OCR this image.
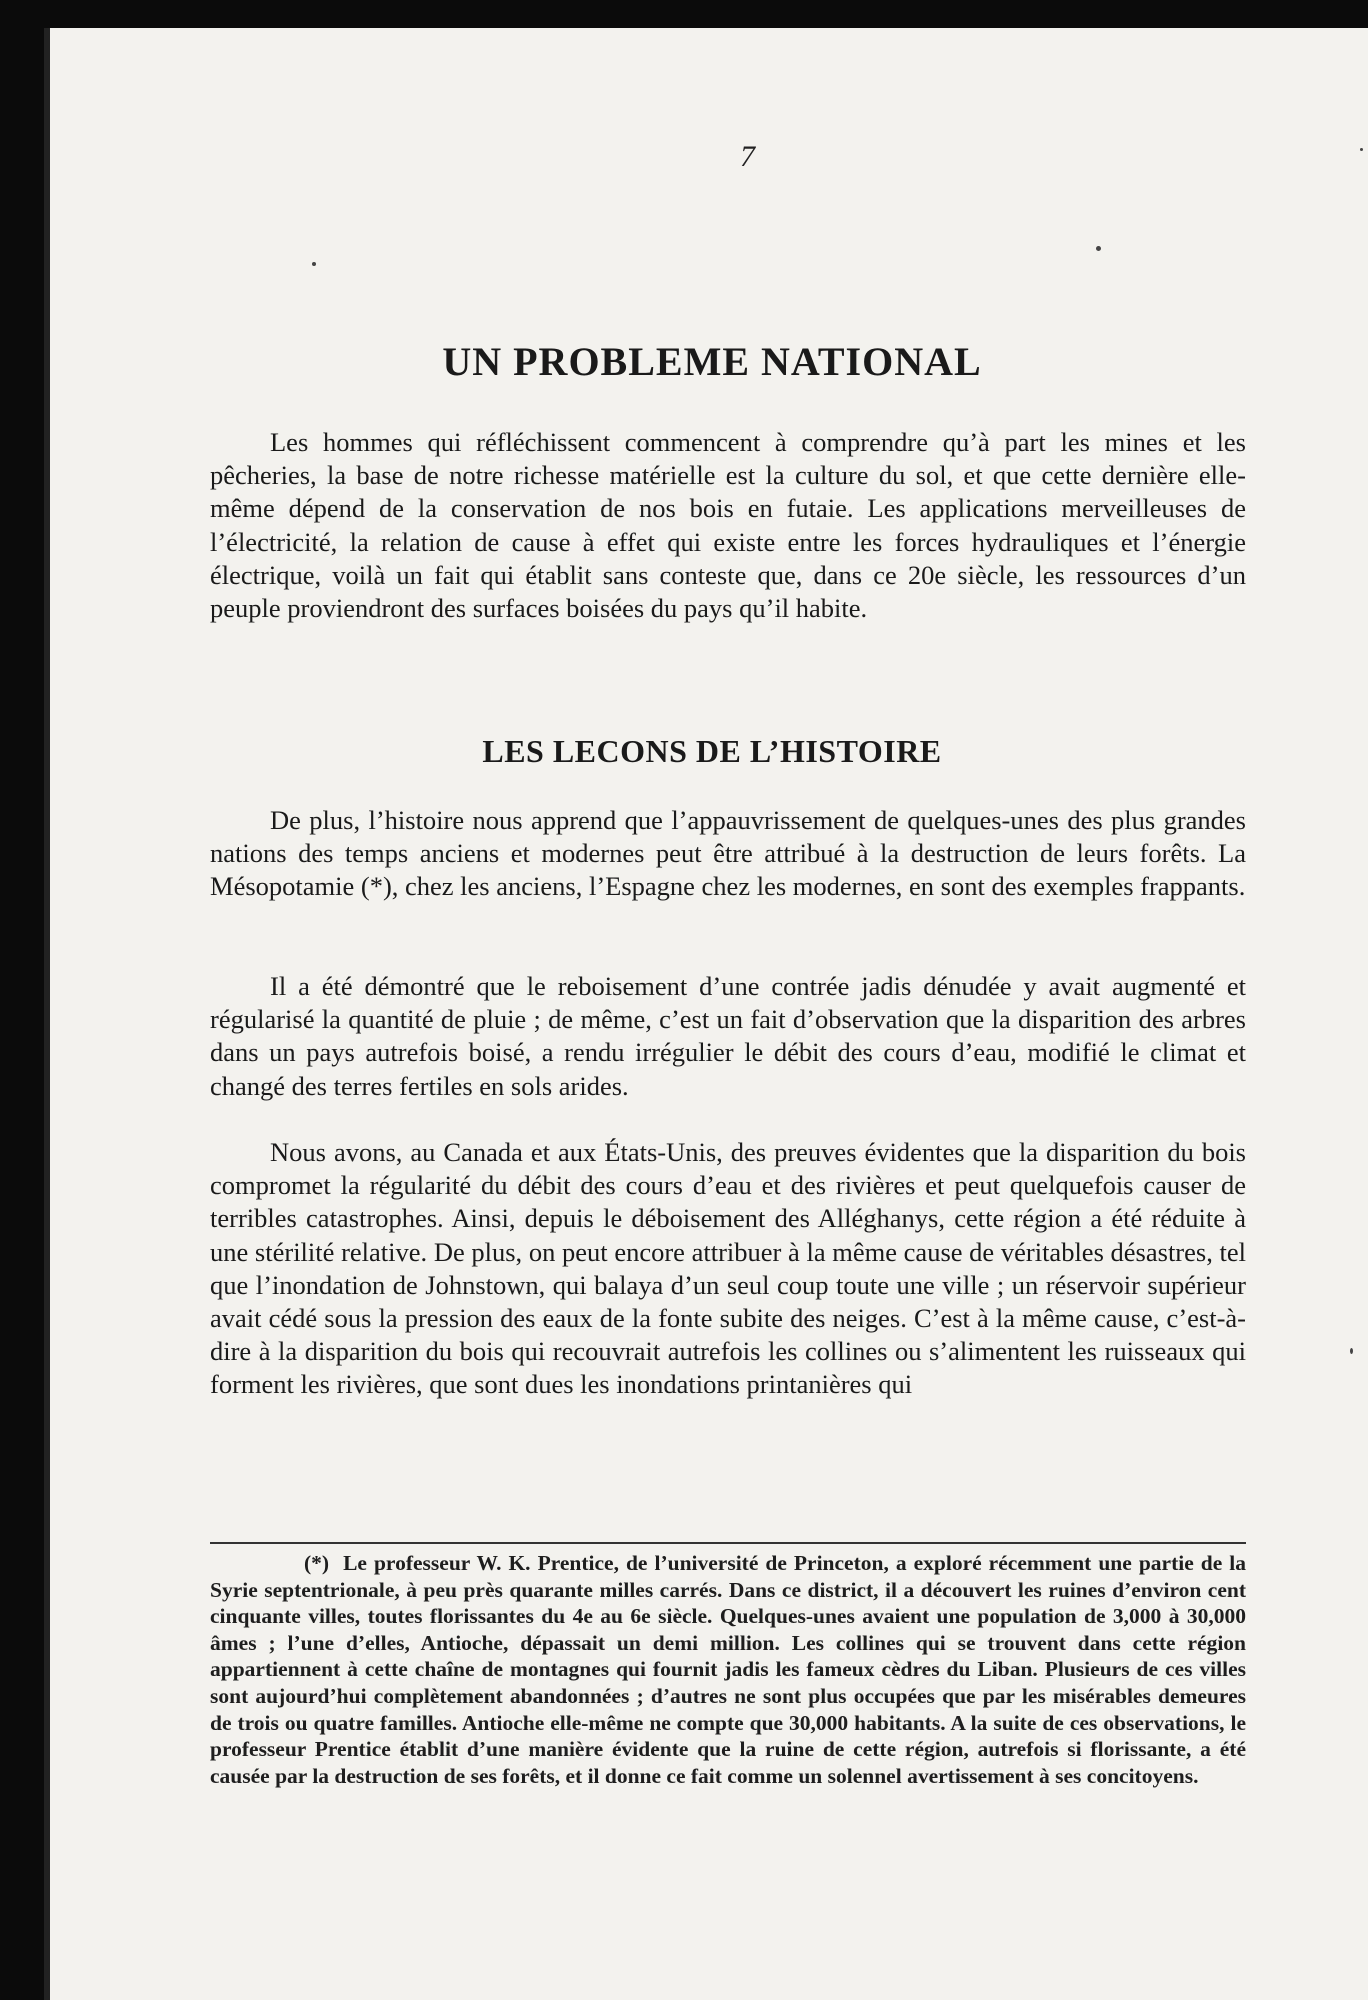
7
UN PROBLEME NATIONAL

Les hommes qui réfléchissent commencent à comprendre qu’à part les mines et les pêcheries, la base de notre richesse matérielle est la culture du sol, et que cette dernière elle-même dépend de la conservation de nos bois en futaie. Les applications merveilleuses de l’électricité, la relation de cause à effet qui existe entre les forces hydrauliques et l’énergie électrique, voilà un fait qui établit sans conteste que, dans ce 20e siècle, les ressources d’un peuple proviendront des surfaces boisées du pays qu’il habite.

LES LECONS DE L’HISTOIRE

De plus, l’histoire nous apprend que l’appauvrissement de quelques-unes des plus grandes nations des temps anciens et modernes peut être attribué à la destruction de leurs forêts. La Mésopotamie (*), chez les anciens, l’Espagne chez les modernes, en sont des exemples frappants.

Il a été démontré que le reboisement d’une contrée jadis dénudée y avait augmenté et régularisé la quantité de pluie ; de même, c’est un fait d’observation que la disparition des arbres dans un pays autrefois boisé, a rendu irrégulier le débit des cours d’eau, modifié le climat et changé des terres fertiles en sols arides.

Nous avons, au Canada et aux États-Unis, des preuves évidentes que la disparition du bois compromet la régularité du débit des cours d’eau et des rivières et peut quelquefois causer de terribles catastrophes. Ainsi, depuis le déboisement des Alléghanys, cette région a été réduite à une stérilité relative. De plus, on peut encore attribuer à la même cause de véritables désastres, tel que l’inondation de Johnstown, qui balaya d’un seul coup toute une ville ; un réservoir supérieur avait cédé sous la pression des eaux de la fonte subite des neiges. C’est à la même cause, c’est-à-dire à la disparition du bois qui recouvrait autrefois les collines ou s’alimentent les ruisseaux qui forment les rivières, que sont dues les inondations printanières qui

(*) Le professeur W. K. Prentice, de l’université de Princeton, a exploré récemment une partie de la Syrie septentrionale, à peu près quarante milles carrés. Dans ce district, il a découvert les ruines d’environ cent cinquante villes, toutes florissantes du 4e au 6e siècle. Quelques-unes avaient une population de 3,000 à 30,000 âmes ; l’une d’elles, Antioche, dépassait un demi million. Les collines qui se trouvent dans cette région appartiennent à cette chaîne de montagnes qui fournit jadis les fameux cèdres du Liban. Plusieurs de ces villes sont aujourd’hui complètement abandonnées ; d’autres ne sont plus occupées que par les misérables demeures de trois ou quatre familles. Antioche elle-même ne compte que 30,000 habitants. A la suite de ces observations, le professeur Prentice établit d’une manière évidente que la ruine de cette région, autrefois si florissante, a été causée par la destruction de ses forêts, et il donne ce fait comme un solennel avertissement à ses concitoyens.
